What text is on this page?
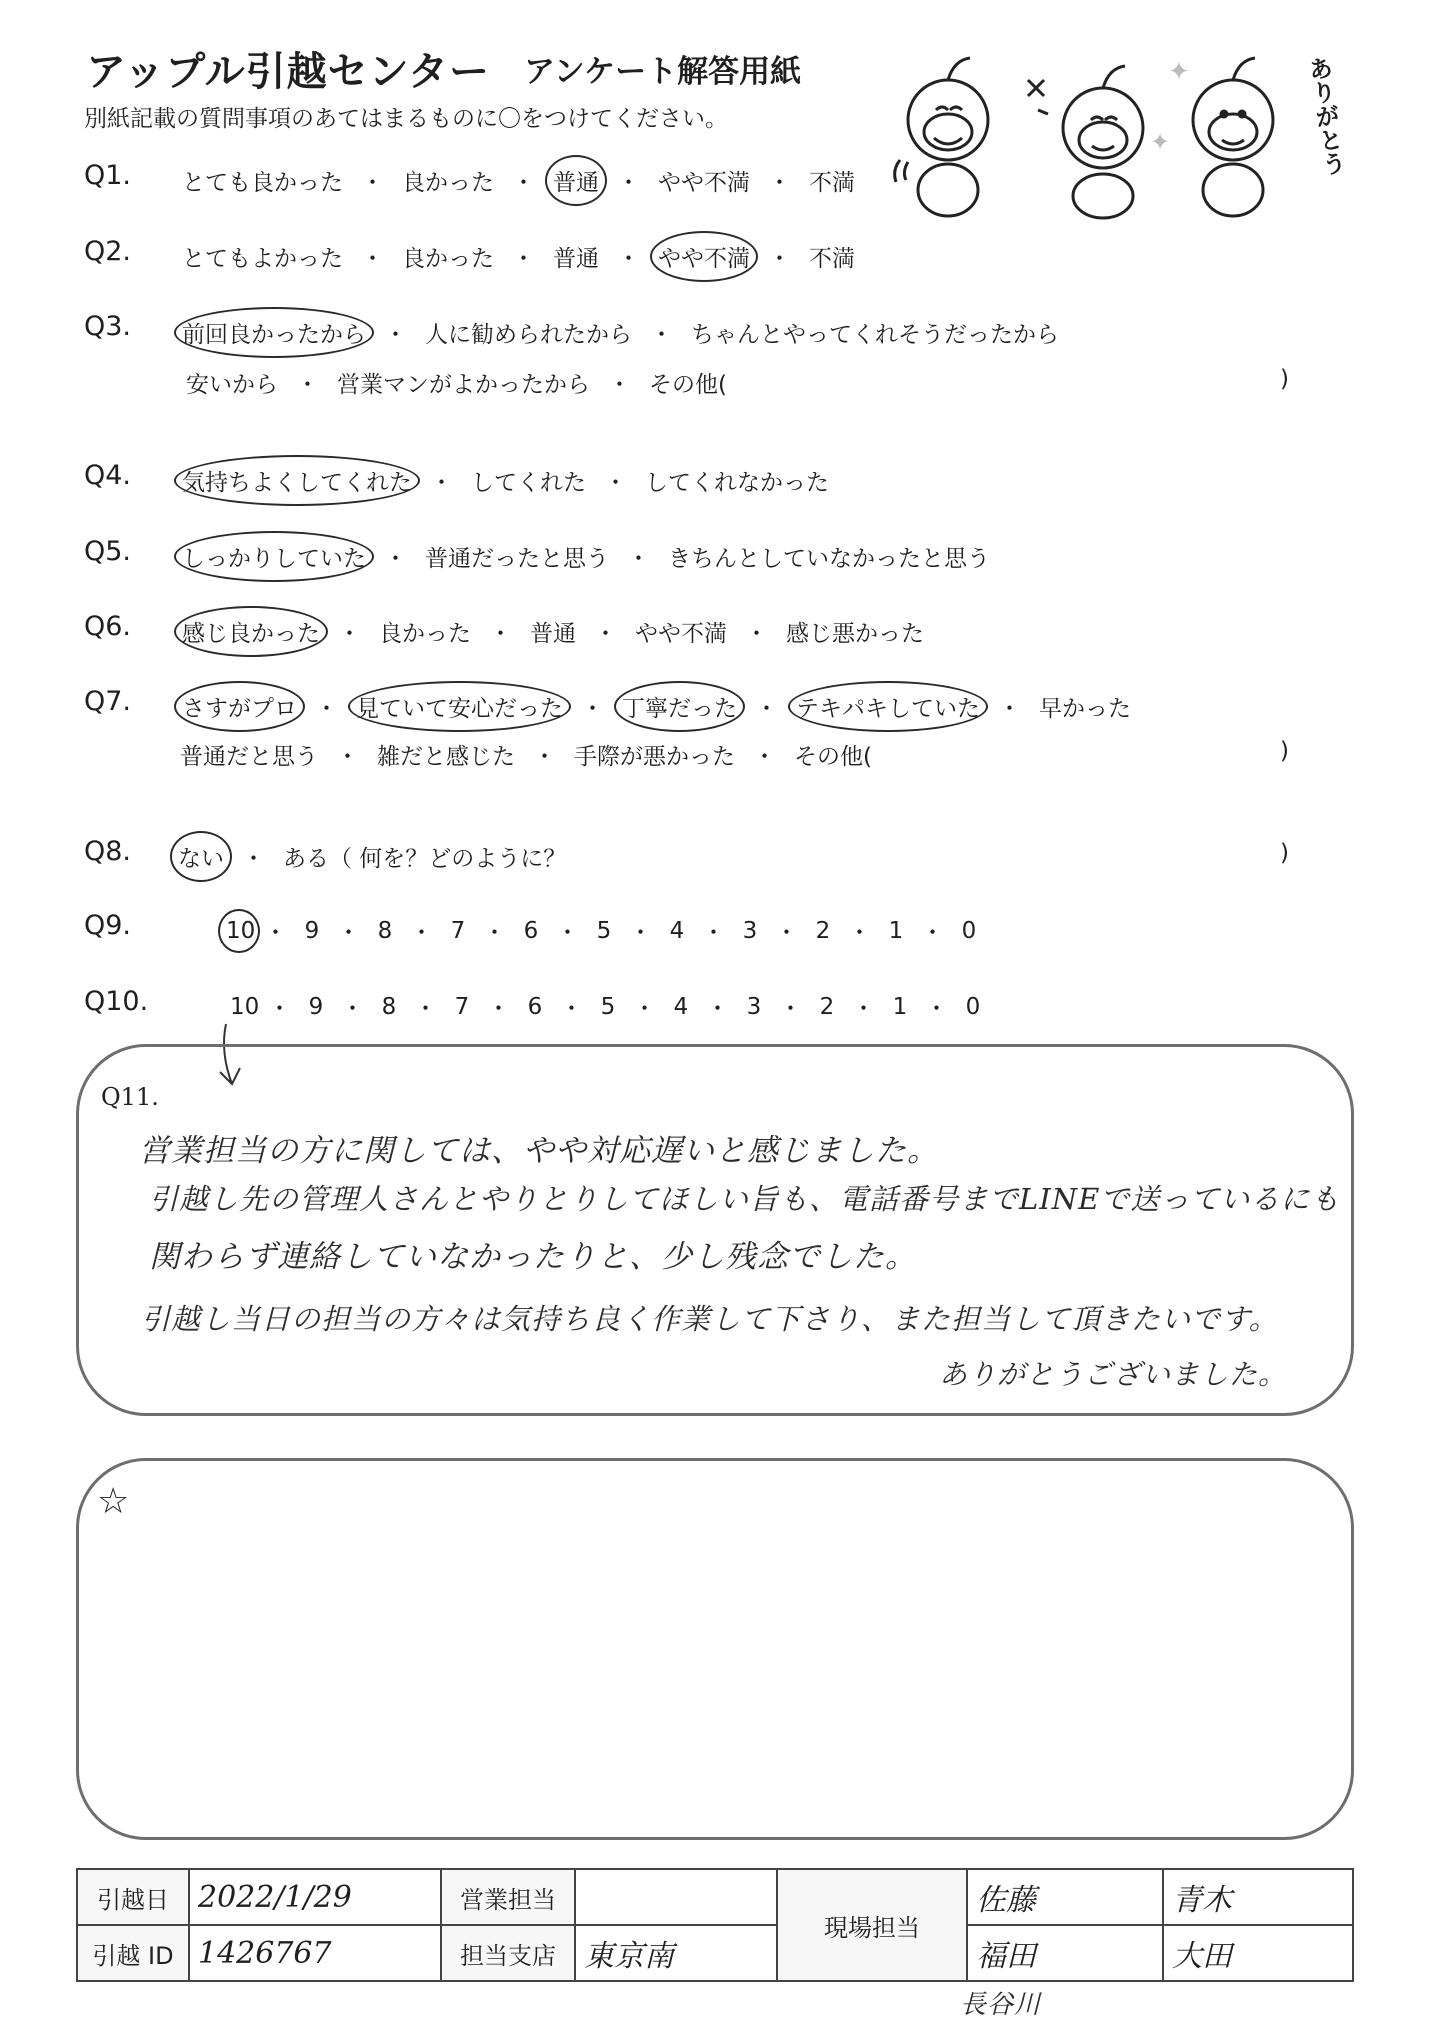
アップル引越センター アンケート解答用紙
別紙記載の質問事項のあてはまるものに〇をつけてください。
✦
✦	ありがとう
Q1. とても良かった ・ 良かった ・ 普通 ・ やや不満 ・ 不満
Q2. とてもよかった ・ 良かった ・ 普通 ・ やや不満 ・ 不満
Q3. 前回良かったから ・ 人に勧められたから ・ ちゃんとやってくれそうだったから
安いから ・ 営業マンがよかったから ・ その他(	)
Q4. 気持ちよくしてくれた ・ してくれた ・ してくれなかった
Q5. しっかりしていた ・ 普通だったと思う ・ きちんとしていなかったと思う
Q6. 感じ良かった ・ 良かった ・ 普通 ・ やや不満 ・ 感じ悪かった
Q7. さすがプロ ・ 見ていて安心だった ・ 丁寧だった ・ テキパキしていた ・ 早かった
普通だと思う ・ 雑だと感じた ・ 手際が悪かった ・ その他(	)
Q8. ない ・ ある（ 何を？どのように？	)
Q9.	10 ・ 9 ・ 8 ・ 7 ・ 6 ・ 5 ・ 4 ・ 3 ・ 2 ・ 1 ・ 0
Q10.	10 ・ 9 ・ 8 ・ 7 ・ 6 ・ 5 ・ 4 ・ 3 ・ 2 ・ 1 ・ 0
Q11.
営業担当の方に関しては、やや対応遅いと感じました。
引越し先の管理人さんとやりとりしてほしい旨も、電話番号までLINEで送っているにも
関わらず連絡していなかったりと、少し残念でした。
引越し当日の担当の方々は気持ち良く作業して下さり、また担当して頂きたいです。
ありがとうございました。
☆
引越日	2022/1/29	営業担当		現場担当	佐藤	青木
引越 ID	1426767	担当支店	東京南		福田	大田
長谷川
